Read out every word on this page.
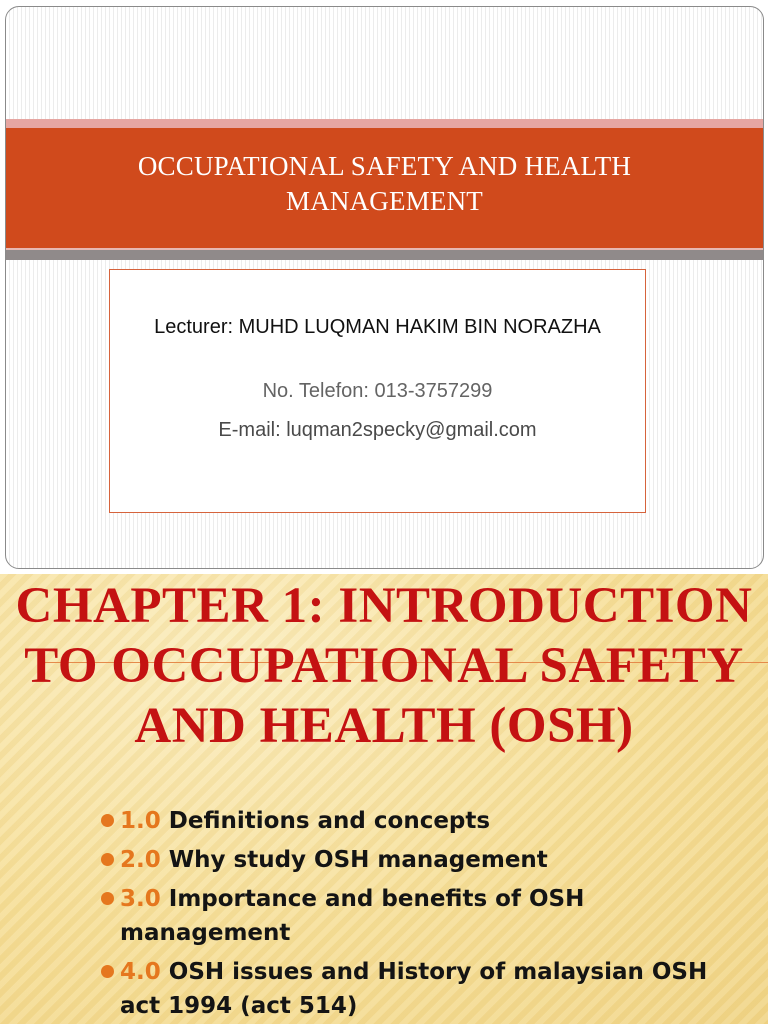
OCCUPATIONAL SAFETY AND HEALTH MANAGEMENT
Lecturer: MUHD LUQMAN HAKIM BIN NORAZHA
No. Telefon: 013-3757299
E-mail: luqman2specky@gmail.com
CHAPTER 1: INTRODUCTION TO OCCUPATIONAL SAFETY AND HEALTH (OSH)
1.0 Definitions and concepts
2.0 Why study OSH management
3.0 Importance and benefits of OSH management
4.0 OSH issues and History of malaysian OSH act 1994 (act 514)
